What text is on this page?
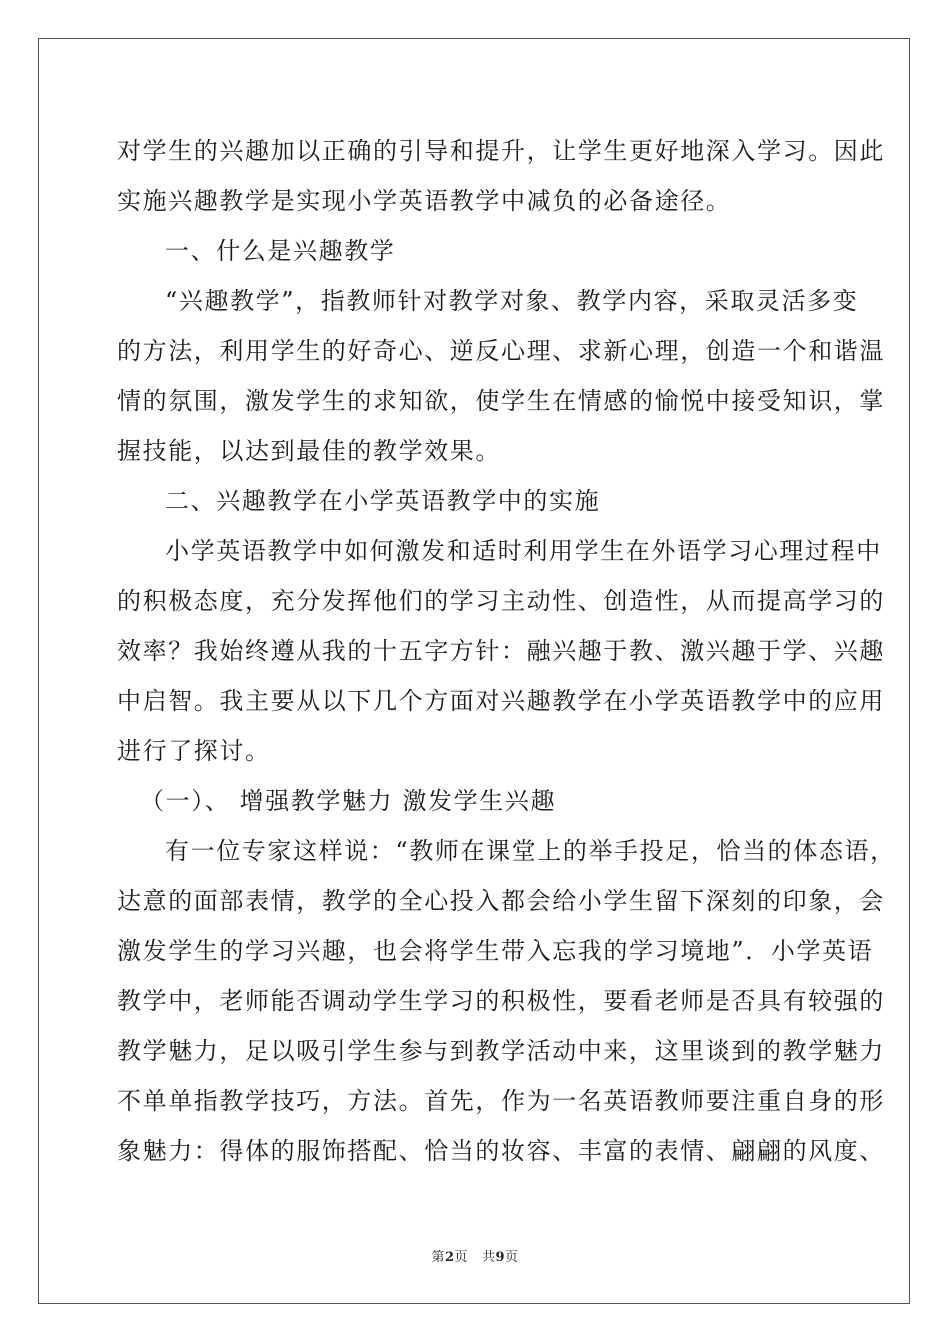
对学生的兴趣加以正确的引导和提升，让学生更好地深入学习。因此
实施兴趣教学是实现小学英语教学中减负的必备途径。
一、什么是兴趣教学
“兴趣教学”，指教师针对教学对象、教学内容，采取灵活多变
的方法，利用学生的好奇心、逆反心理、求新心理，创造一个和谐温
情的氛围，激发学生的求知欲，使学生在情感的愉悦中接受知识，掌
握技能，以达到最佳的教学效果。
二、兴趣教学在小学英语教学中的实施
小学英语教学中如何激发和适时利用学生在外语学习心理过程中
的积极态度，充分发挥他们的学习主动性、创造性，从而提高学习的
效率？我始终遵从我的十五字方针：融兴趣于教、激兴趣于学、兴趣
中启智。我主要从以下几个方面对兴趣教学在小学英语教学中的应用
进行了探讨。
（一）、 增强教学魅力 激发学生兴趣
有一位专家这样说：“教师在课堂上的举手投足，恰当的体态语，
达意的面部表情，教学的全心投入都会给小学生留下深刻的印象，会
激发学生的学习兴趣，也会将学生带入忘我的学习境地”．小学英语
教学中，老师能否调动学生学习的积极性，要看老师是否具有较强的
教学魅力，足以吸引学生参与到教学活动中来，这里谈到的教学魅力
不单单指教学技巧，方法。首先，作为一名英语教师要注重自身的形
象魅力：得体的服饰搭配、恰当的妆容、丰富的表情、翩翩的风度、
第2页 共9页
